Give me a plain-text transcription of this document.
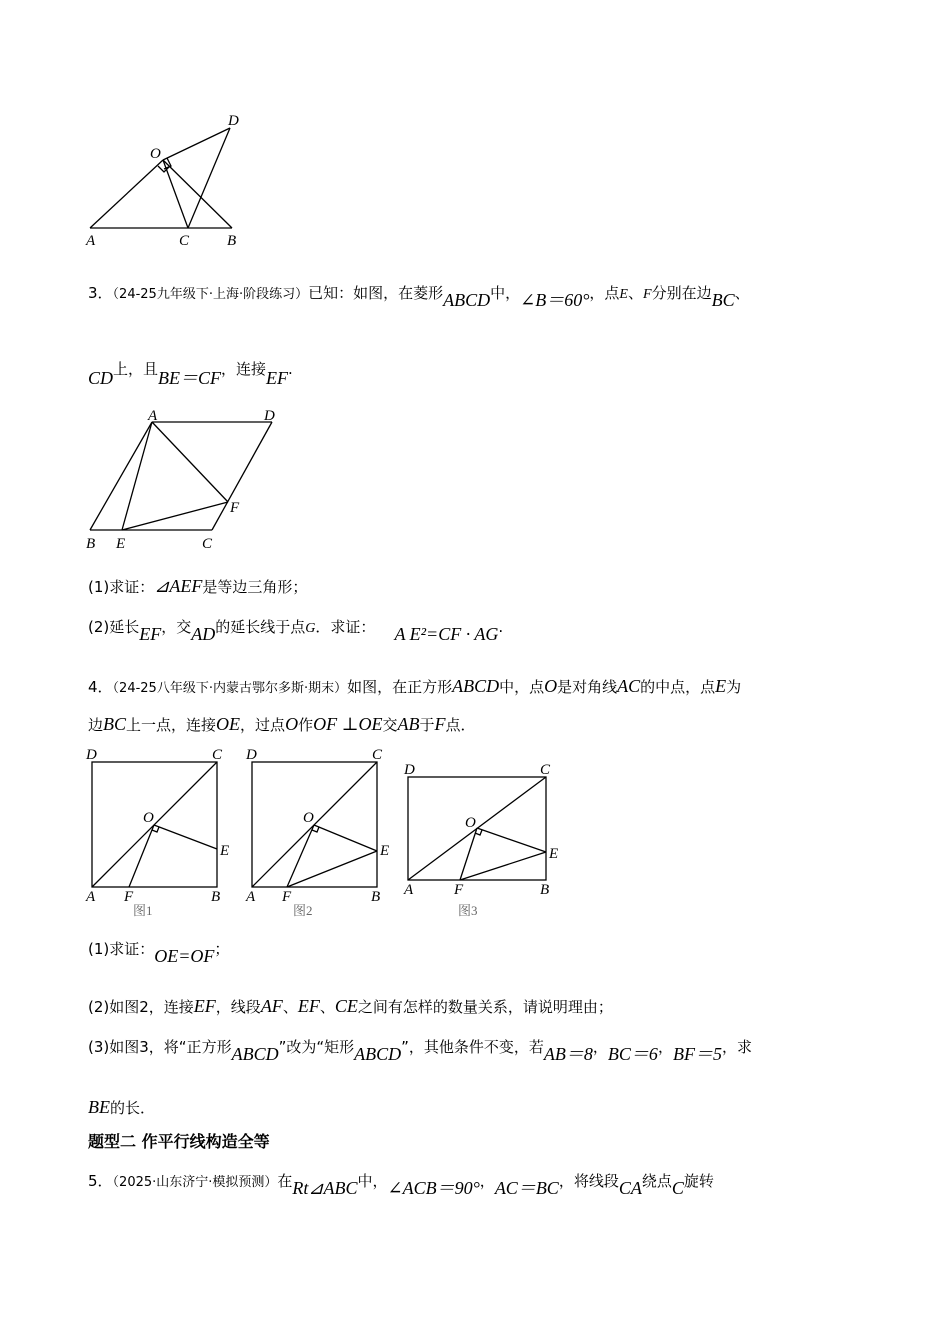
O
D
A	C	B
3．（24-25九年级下·上海·阶段练习）已知：如图，在菱形ABCD中，∠B＝60°，点E、F分别在边BC、
CD上，且BE＝CF，连接EF.
A	D
F
B E	C
(1)求证：⊿AEF是等边三角形；
(2)延长EF，交AD的延长线于点G．求证： A E²=CF · AG.
4．（24-25八年级下·内蒙古鄂尔多斯·期末）如图，在正方形ABCD中，点O是对角线AC的中点，点E为
边BC上一点，连接OE，过点O作OF ⊥OE交AB于F点．
D	C
O
E
A F	B
图1
D	C
O
E
A F	B
图2
D	C
O
E
A	F	B
图3
(1)求证：OE=OF；
(2)如图2，连接EF，线段AF、EF、CE之间有怎样的数量关系，请说明理由；
(3)如图3，将“正方形ABCD”改为“矩形ABCD”，其他条件不变，若AB＝8，BC＝6，BF＝5，求
BE的长．
题型二 作平行线构造全等
5．（2025·山东济宁·模拟预测）在Rt⊿ABC中，∠ACB＝90°，AC＝BC，将线段CA绕点C旋转
